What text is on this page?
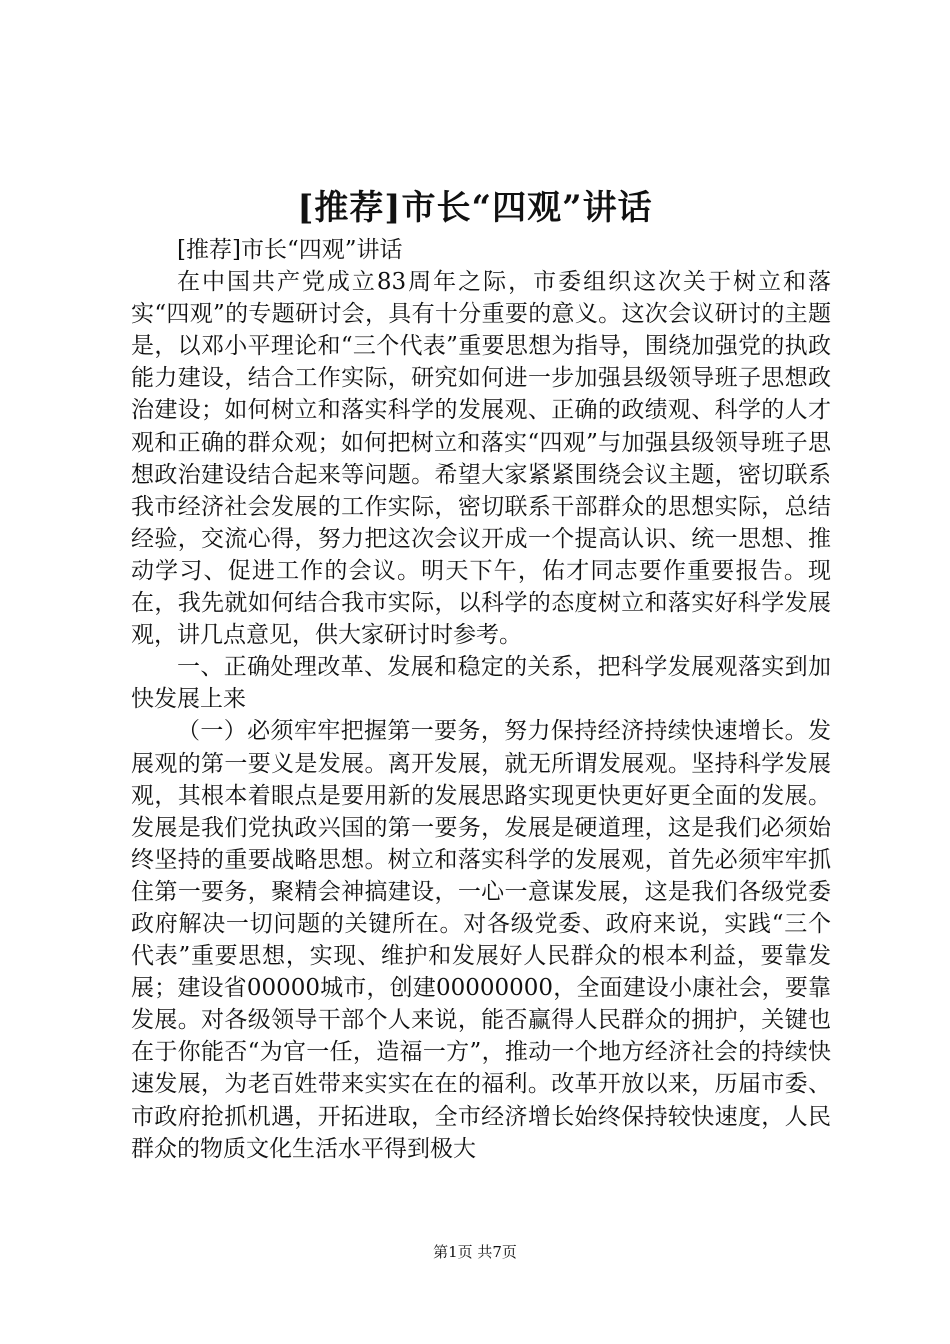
[推荐]市长“四观”讲话

[推荐]市长“四观”讲话

在中国共产党成立83周年之际，市委组织这次关于树立和落实“四观”的专题研讨会，具有十分重要的意义。这次会议研讨的主题是，以邓小平理论和“三个代表”重要思想为指导，围绕加强党的执政能力建设，结合工作实际，研究如何进一步加强县级领导班子思想政治建设；如何树立和落实科学的发展观、正确的政绩观、科学的人才观和正确的群众观；如何把树立和落实“四观”与加强县级领导班子思想政治建设结合起来等问题。希望大家紧紧围绕会议主题，密切联系我市经济社会发展的工作实际，密切联系干部群众的思想实际，总结经验，交流心得，努力把这次会议开成一个提高认识、统一思想、推动学习、促进工作的会议。明天下午，佑才同志要作重要报告。现在，我先就如何结合我市实际，以科学的态度树立和落实好科学发展观，讲几点意见，供大家研讨时参考。

一、正确处理改革、发展和稳定的关系，把科学发展观落实到加快发展上来

（一）必须牢牢把握第一要务，努力保持经济持续快速增长。发展观的第一要义是发展。离开发展，就无所谓发展观。坚持科学发展观，其根本着眼点是要用新的发展思路实现更快更好更全面的发展。发展是我们党执政兴国的第一要务，发展是硬道理，这是我们必须始终坚持的重要战略思想。树立和落实科学的发展观，首先必须牢牢抓住第一要务，聚精会神搞建设，一心一意谋发展，这是我们各级党委政府解决一切问题的关键所在。对各级党委、政府来说，实践“三个代表”重要思想，实现、维护和发展好人民群众的根本利益，要靠发展；建设省00000城市，创建00000000，全面建设小康社会，要靠发展。对各级领导干部个人来说，能否赢得人民群众的拥护，关键也在于你能否“为官一任，造福一方”，推动一个地方经济社会的持续快速发展，为老百姓带来实实在在的福利。改革开放以来，历届市委、市政府抢抓机遇，开拓进取，全市经济增长始终保持较快速度，人民群众的物质文化生活水平得到极大

第1页 共7页
